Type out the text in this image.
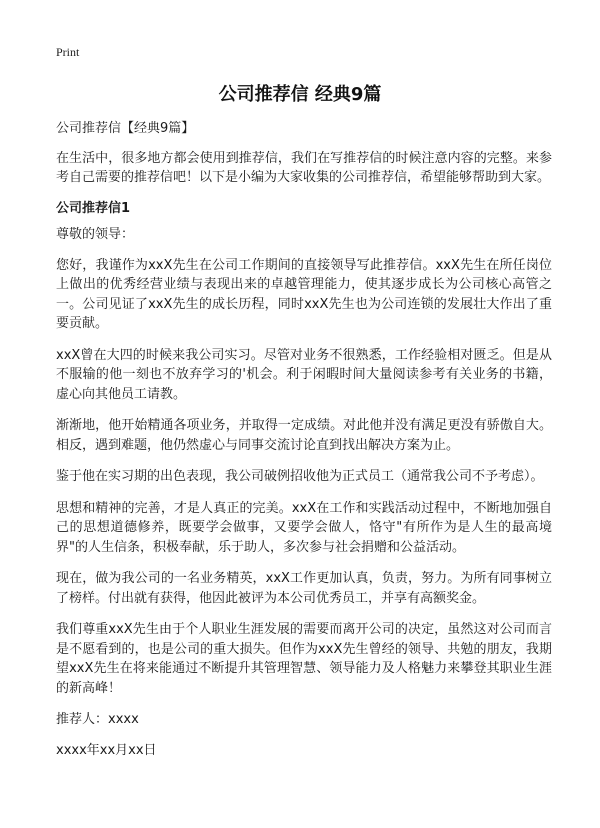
Print
公司推荐信 经典9篇

公司推荐信【经典9篇】

在生活中，很多地方都会使用到推荐信，我们在写推荐信的时候注意内容的完整。来参考自己需要的推荐信吧！以下是小编为大家收集的公司推荐信，希望能够帮助到大家。

公司推荐信1

尊敬的领导：

您好，我谨作为xxX先生在公司工作期间的直接领导写此推荐信。xxX先生在所任岗位上做出的优秀经营业绩与表现出来的卓越管理能力，使其逐步成长为公司核心高管之一。公司见证了xxX先生的成长历程，同时xxX先生也为公司连锁的发展壮大作出了重要贡献。

xxX曾在大四的时候来我公司实习。尽管对业务不很熟悉，工作经验相对匮乏。但是从不服输的他一刻也不放弃学习的'机会。利于闲暇时间大量阅读参考有关业务的书籍，虚心向其他员工请教。

渐渐地，他开始精通各项业务，并取得一定成绩。对此他并没有满足更没有骄傲自大。相反，遇到难题，他仍然虚心与同事交流讨论直到找出解决方案为止。

鉴于他在实习期的出色表现，我公司破例招收他为正式员工（通常我公司不予考虑）。

思想和精神的完善，才是人真正的完美。xxX在工作和实践活动过程中，不断地加强自己的思想道德修养，既要学会做事，又要学会做人，恪守"有所作为是人生的最高境界"的人生信条，积极奉献，乐于助人，多次参与社会捐赠和公益活动。

现在，做为我公司的一名业务精英，xxX工作更加认真，负责，努力。为所有同事树立了榜样。付出就有获得，他因此被评为本公司优秀员工，并享有高额奖金。

我们尊重xxX先生由于个人职业生涯发展的需要而离开公司的决定，虽然这对公司而言是不愿看到的，也是公司的重大损失。但作为xxX先生曾经的领导、共勉的朋友，我期望xxX先生在将来能通过不断提升其管理智慧、领导能力及人格魅力来攀登其职业生涯的新高峰！

推荐人：xxxx

xxxx年xx月xx日
